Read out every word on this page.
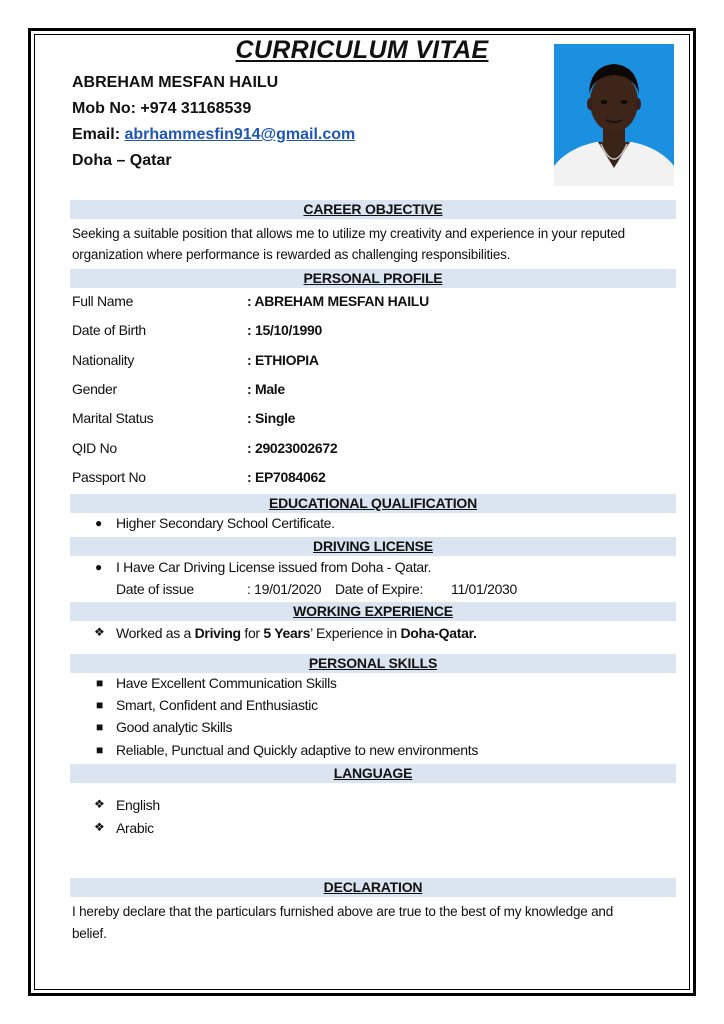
CURRICULUM VITAE
ABREHAM MESFAN HAILU
Mob No: +974 31168539
Email: abrhammesfin914@gmail.com
Doha – Qatar
CAREER OBJECTIVE
Seeking a suitable position that allows me to utilize my creativity and experience in your reputed
organization where performance is rewarded as challenging responsibilities.
PERSONAL PROFILE
Full Name	: ABREHAM MESFAN HAILU
Date of Birth	: 15/10/1990
Nationality	: ETHIOPIA
Gender	: Male
Marital Status	: Single
QID No	: 29023002672
Passport No	: EP7084062
EDUCATIONAL QUALIFICATION
● Higher Secondary School Certificate.
DRIVING LICENSE
● I Have Car Driving License issued from Doha - Qatar.
Date of issue	: 19/01/2020 Date of Expire: 11/01/2030
WORKING EXPERIENCE
❖ Worked as a Driving for 5 Years’ Experience in Doha-Qatar.
PERSONAL SKILLS
■ Have Excellent Communication Skills
■ Smart, Confident and Enthusiastic
■ Good analytic Skills
■ Reliable, Punctual and Quickly adaptive to new environments
LANGUAGE
❖ English
❖ Arabic
DECLARATION
I hereby declare that the particulars furnished above are true to the best of my knowledge and
belief.
